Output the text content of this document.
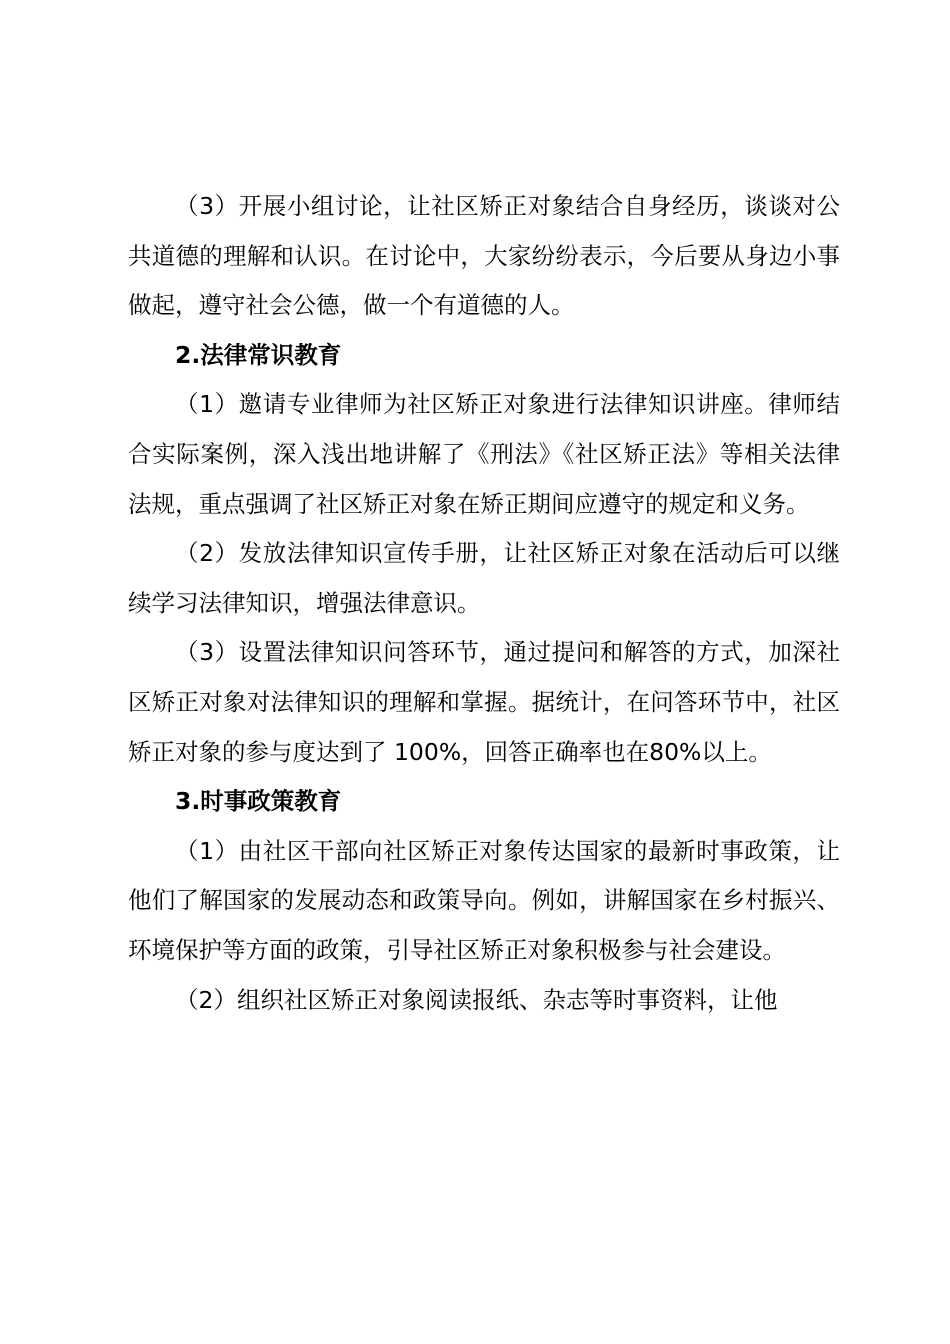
（3）开展小组讨论，让社区矫正对象结合自身经历，谈谈对公共道德的理解和认识。在讨论中，大家纷纷表示，今后要从身边小事做起，遵守社会公德，做一个有道德的人。

2.法律常识教育

（1）邀请专业律师为社区矫正对象进行法律知识讲座。律师结合实际案例，深入浅出地讲解了《刑法》《社区矫正法》等相关法律法规，重点强调了社区矫正对象在矫正期间应遵守的规定和义务。

（2）发放法律知识宣传手册，让社区矫正对象在活动后可以继续学习法律知识，增强法律意识。

（3）设置法律知识问答环节，通过提问和解答的方式，加深社区矫正对象对法律知识的理解和掌握。据统计，在问答环节中，社区矫正对象的参与度达到了 100%，回答正确率也在80%以上。

3.时事政策教育

（1）由社区干部向社区矫正对象传达国家的最新时事政策，让他们了解国家的发展动态和政策导向。例如，讲解国家在乡村振兴、环境保护等方面的政策，引导社区矫正对象积极参与社会建设。

（2）组织社区矫正对象阅读报纸、杂志等时事资料，让他
